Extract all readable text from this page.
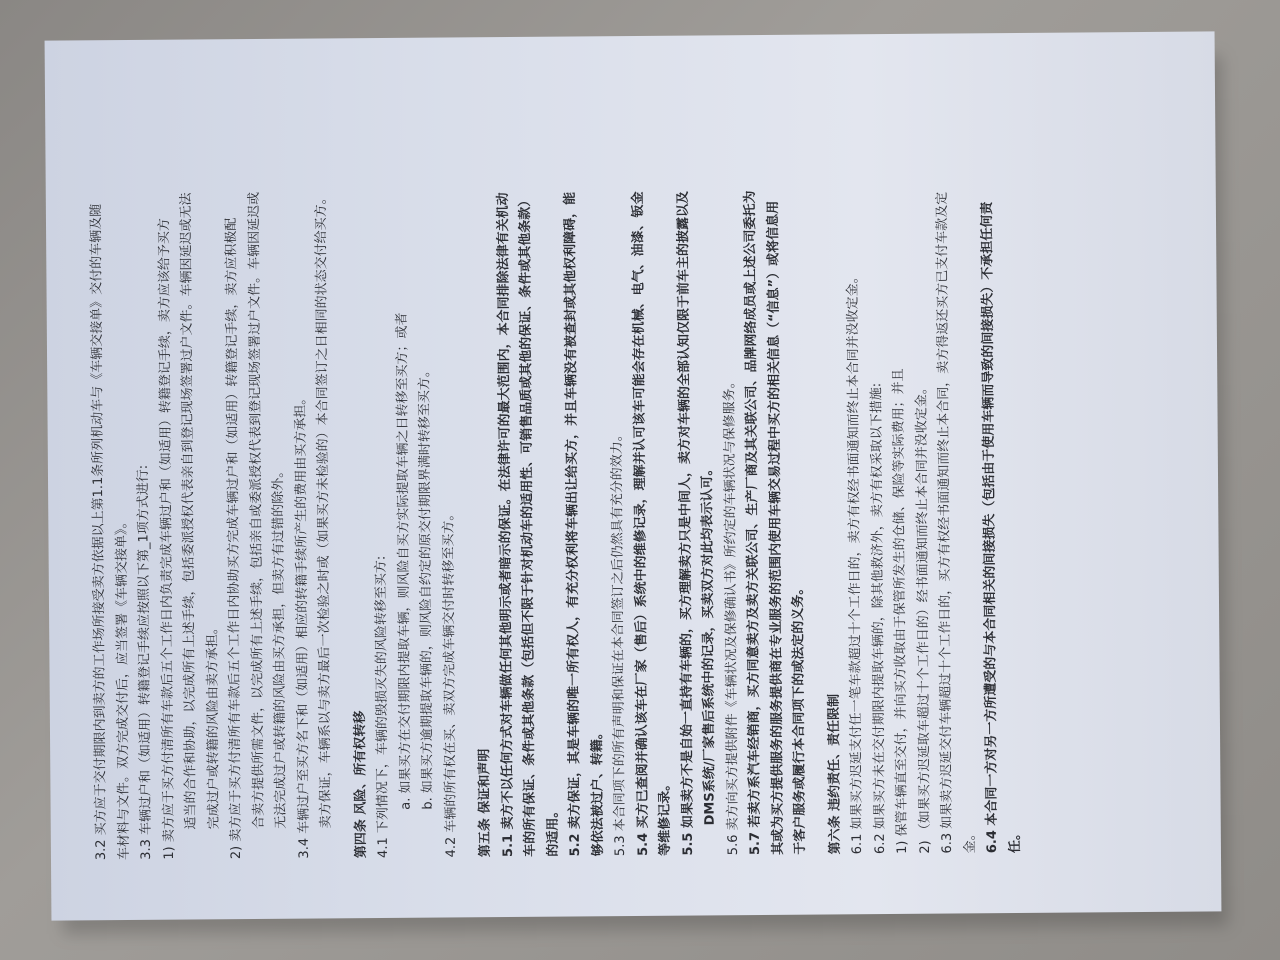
3.2 买方应于交付期限内到卖方的工作场所接受卖方依据以上第1.1条所列机动车与《车辆交接单》交付的车辆及随 车材料与文件。双方完成交付后，应当签署《车辆交接单》。 3.3 车辆过户和（如适用）转籍登记手续应按照以下第_1项方式进行: 1) 卖方应于买方付清所有车款后五个工作日内负责完成车辆过户和（如适用）转籍登记手续，卖方应该给予买方 适当的合作和协助，以完成所有上述手续，包括委派授权代表亲自到登记现场签署过户文件。车辆因延迟或无法 完成过户或转籍的风险由卖方承担。 2) 卖方应于买方付清所有车款后五个工作日内协助买方完成车辆过户和（如适用）转籍登记手续，卖方应积极配 合卖方提供所需文件，以完成所有上述手续，包括亲自或委派授权代表到登记现场签署过户文件。车辆因延迟或 无法完成过户或转籍的风险由买方承担，但卖方有过错的除外。 3.4 车辆过户至买方名下和（如适用）相应的转籍手续所产生的费用由买方承担。 卖方保证，车辆系以与卖方最后一次检验之时或（如果买方未检验的）本合同签订之日相同的状态交付给买方。	第四条 风险、所有权转移 4.1 下列情况下，车辆的毁损灭失的风险转移至买方: a. 如果买方在交付期限内提取车辆，则风险自买方实际提取车辆之日转移至买方；或者 b. 如果买方逾期提取车辆的，则风险自约定的原交付期限界满时转移至买方。 4.2 车辆的所有权在买、卖双方完成车辆交付时转移至买方。	第五条 保证和声明 5.1 卖方不以任何方式对车辆做任何其他明示或者暗示的保证。在法律许可的最大范围内，本合同排除法律有关机动 车的所有保证、条件或其他条款（包括但不限于针对机动车的适用性、可销售品质或其他的保证、条件或其他条款） 的适用。 5.2 卖方保证，其是车辆的唯一所有权人，有充分权利将车辆出让给买方，并且车辆没有被查封或其他权利障碍，能 够依法被过户、转籍。 5.3 本合同项下的所有声明和保证在本合同签订之后仍然具有充分的效力。 5.4 买方已查阅并确认该车在厂家（售后）系统中的维修记录，理解并认可该车可能会存在机械、电气、油漆、钣金 等维修记录。 5.5 如果卖方不是自始一直持有车辆的，买方理解卖方只是中间人，卖方对车辆的全部认知仅限于前车主的披露以及 DMS系统/厂家售后系统中的记录，买卖双方对此均表示认可。 5.6 卖方向买方提供附件《车辆状况及保修确认书》所约定的车辆状况与保修服务。 5.7 若卖方系汽车经销商，买方同意卖方及卖方关联公司、生产厂商及其关联公司、品牌网络成员或上述公司委托为 其或为买方提供服务的服务提供商在专业服务的范围内使用车辆交易过程中买方的相关信息（“信息”）或将信息用 于客户服务或履行本合同项下的或法定的义务。	第六条 违约责任、责任限制 6.1 如果买方迟延支付任一笔车款超过十个工作日的，卖方有权经书面通知而终止本合同并没收定金。 6.2 如果买方未在交付期限内提取车辆的，除其他救济外，卖方有权采取以下措施: 1) 保管车辆直至交付，并向买方收取由于保管所发生的仓储、保险等实际费用；并且 2) （如果买方迟延取车超过十个工作日的）经书面通知而终止本合同并没收定金。 6.3 如果卖方迟延交付车辆超过十个工作日的，买方有权经书面通知而终止本合同，卖方得返还买方已支付车款及定 金。 6.4 本合同一方对另一方所遭受的与本合同相关的间接损失（包括由于使用车辆而导致的间接损失）不承担任何责 任。
